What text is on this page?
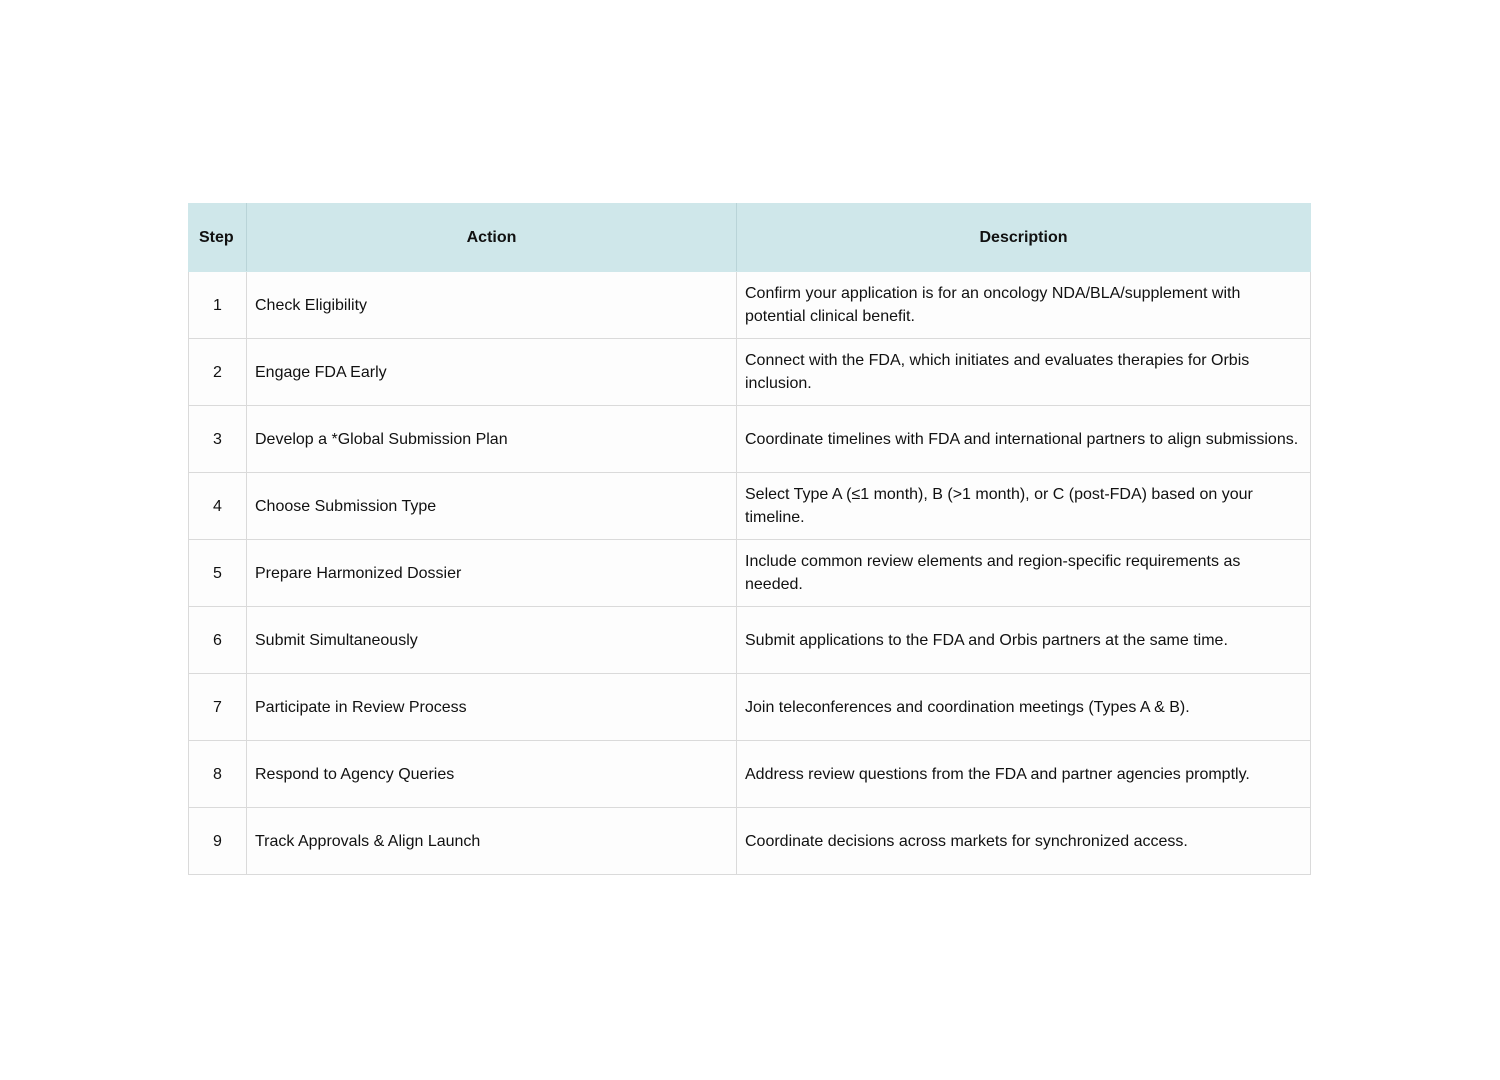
Step	Action	Description
1	Check Eligibility	Confirm your application is for an oncology NDA/BLA/supplement with potential clinical benefit.
2	Engage FDA Early	Connect with the FDA, which initiates and evaluates therapies for Orbis inclusion.
3	Develop a *Global Submission Plan	Coordinate timelines with FDA and international partners to align submissions.
4	Choose Submission Type	Select Type A (≤1 month), B (>1 month), or C (post-FDA) based on your timeline.
5	Prepare Harmonized Dossier	Include common review elements and region-specific requirements as needed.
6	Submit Simultaneously	Submit applications to the FDA and Orbis partners at the same time.
7	Participate in Review Process	Join teleconferences and coordination meetings (Types A & B).
8	Respond to Agency Queries	Address review questions from the FDA and partner agencies promptly.
9	Track Approvals & Align Launch	Coordinate decisions across markets for synchronized access.
